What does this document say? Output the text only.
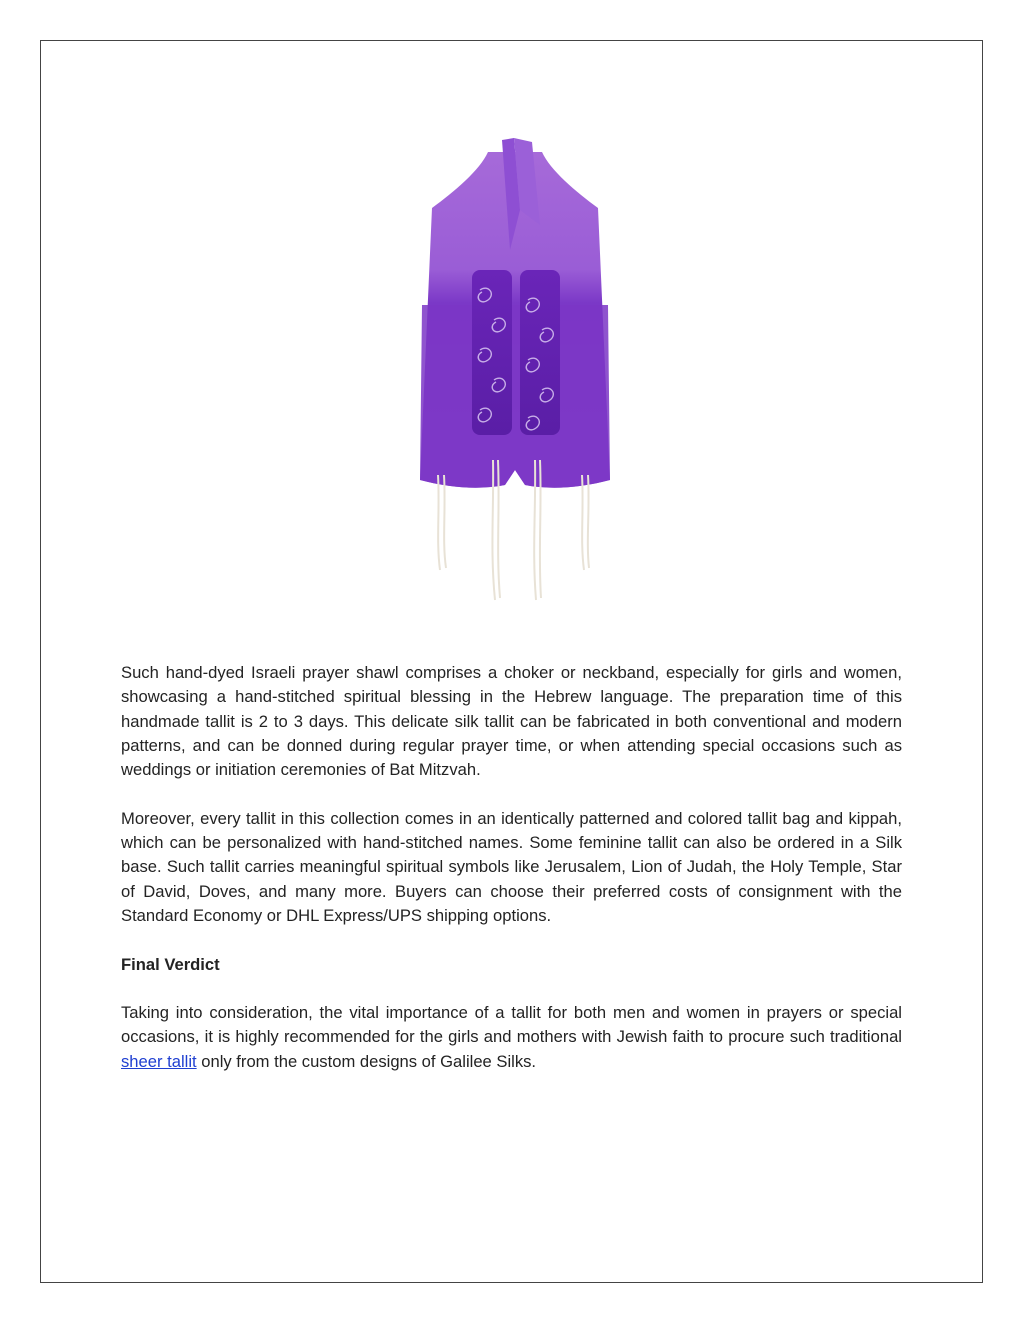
Such hand-dyed Israeli prayer shawl comprises a choker or neckband, especially for girls and women, showcasing a hand-stitched spiritual blessing in the Hebrew language. The preparation time of this handmade tallit is 2 to 3 days. This delicate silk tallit can be fabricated in both conventional and modern patterns, and can be donned during regular prayer time, or when attending special occasions such as weddings or initiation ceremonies of Bat Mitzvah.

Moreover, every tallit in this collection comes in an identically patterned and colored tallit bag and kippah, which can be personalized with hand-stitched names. Some feminine tallit can also be ordered in a Silk base. Such tallit carries meaningful spiritual symbols like Jerusalem, Lion of Judah, the Holy Temple, Star of David, Doves, and many more. Buyers can choose their preferred costs of consignment with the Standard Economy or DHL Express/UPS shipping options.

Final Verdict

Taking into consideration, the vital importance of a tallit for both men and women in prayers or special occasions, it is highly recommended for the girls and mothers with Jewish faith to procure such traditional sheer tallit only from the custom designs of Galilee Silks.
